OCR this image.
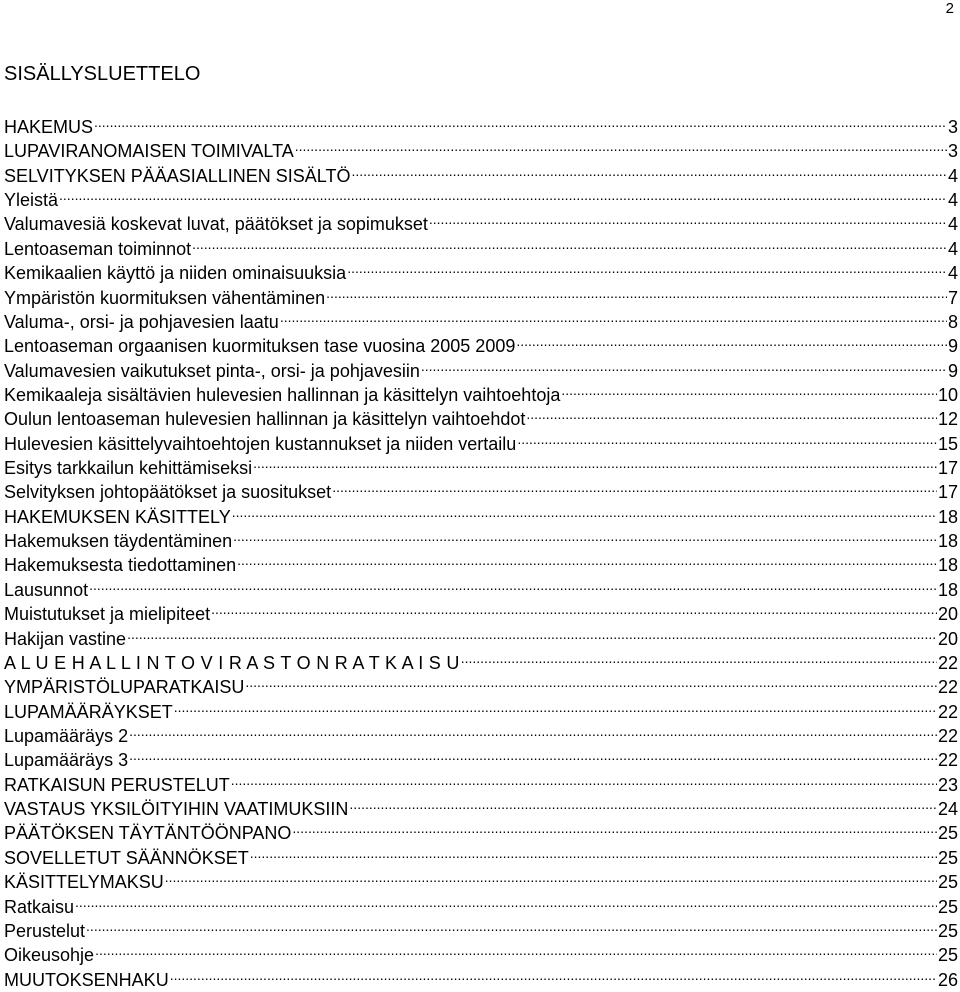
2
SISÄLLYSLUETTELO
HAKEMUS .....	3
LUPAVIRANOMAISEN TOIMIVALTA .....	3
SELVITYKSEN PÄÄASIALLINEN SISÄLTÖ .....	4
Yleistä .....	4
Valumavesiä koskevat luvat, päätökset ja sopimukset .....	4
Lentoaseman toiminnot .....	4
Kemikaalien käyttö ja niiden ominaisuuksia .....	4
Ympäristön kuormituksen vähentäminen .....	7
Valuma-, orsi- ja pohjavesien laatu .....	8
Lentoaseman orgaanisen kuormituksen tase vuosina 2005 2009 .....	9
Valumavesien vaikutukset pinta-, orsi- ja pohjavesiin .....	9
Kemikaaleja sisältävien hulevesien hallinnan ja käsittelyn vaihtoehtoja .....	10
Oulun lentoaseman hulevesien hallinnan ja käsittelyn vaihtoehdot .....	12
Hulevesien käsittelyvaihtoehtojen kustannukset ja niiden vertailu .....	15
Esitys tarkkailun kehittämiseksi .....	17
Selvityksen johtopäätökset ja suositukset .....	17
HAKEMUKSEN KÄSITTELY .....	18
Hakemuksen täydentäminen .....	18
Hakemuksesta tiedottaminen .....	18
Lausunnot .....	18
Muistutukset ja mielipiteet .....	20
Hakijan vastine .....	20
A L U E H A L L I N T O V I R A S T O N R A T K A I S U .....	22
YMPÄRISTÖLUPARATKAISU .....	22
LUPAMÄÄRÄYKSET .....	22
Lupamääräys 2 .....	22
Lupamääräys 3 .....	22
RATKAISUN PERUSTELUT .....	23
VASTAUS YKSILÖITYIHIN VAATIMUKSIIN .....	24
PÄÄTÖKSEN TÄYTÄNTÖÖNPANO .....	25
SOVELLETUT SÄÄNNÖKSET .....	25
KÄSITTELYMAKSU .....	25
Ratkaisu .....	25
Perustelut .....	25
Oikeusohje .....	25
MUUTOKSENHAKU .....	26
